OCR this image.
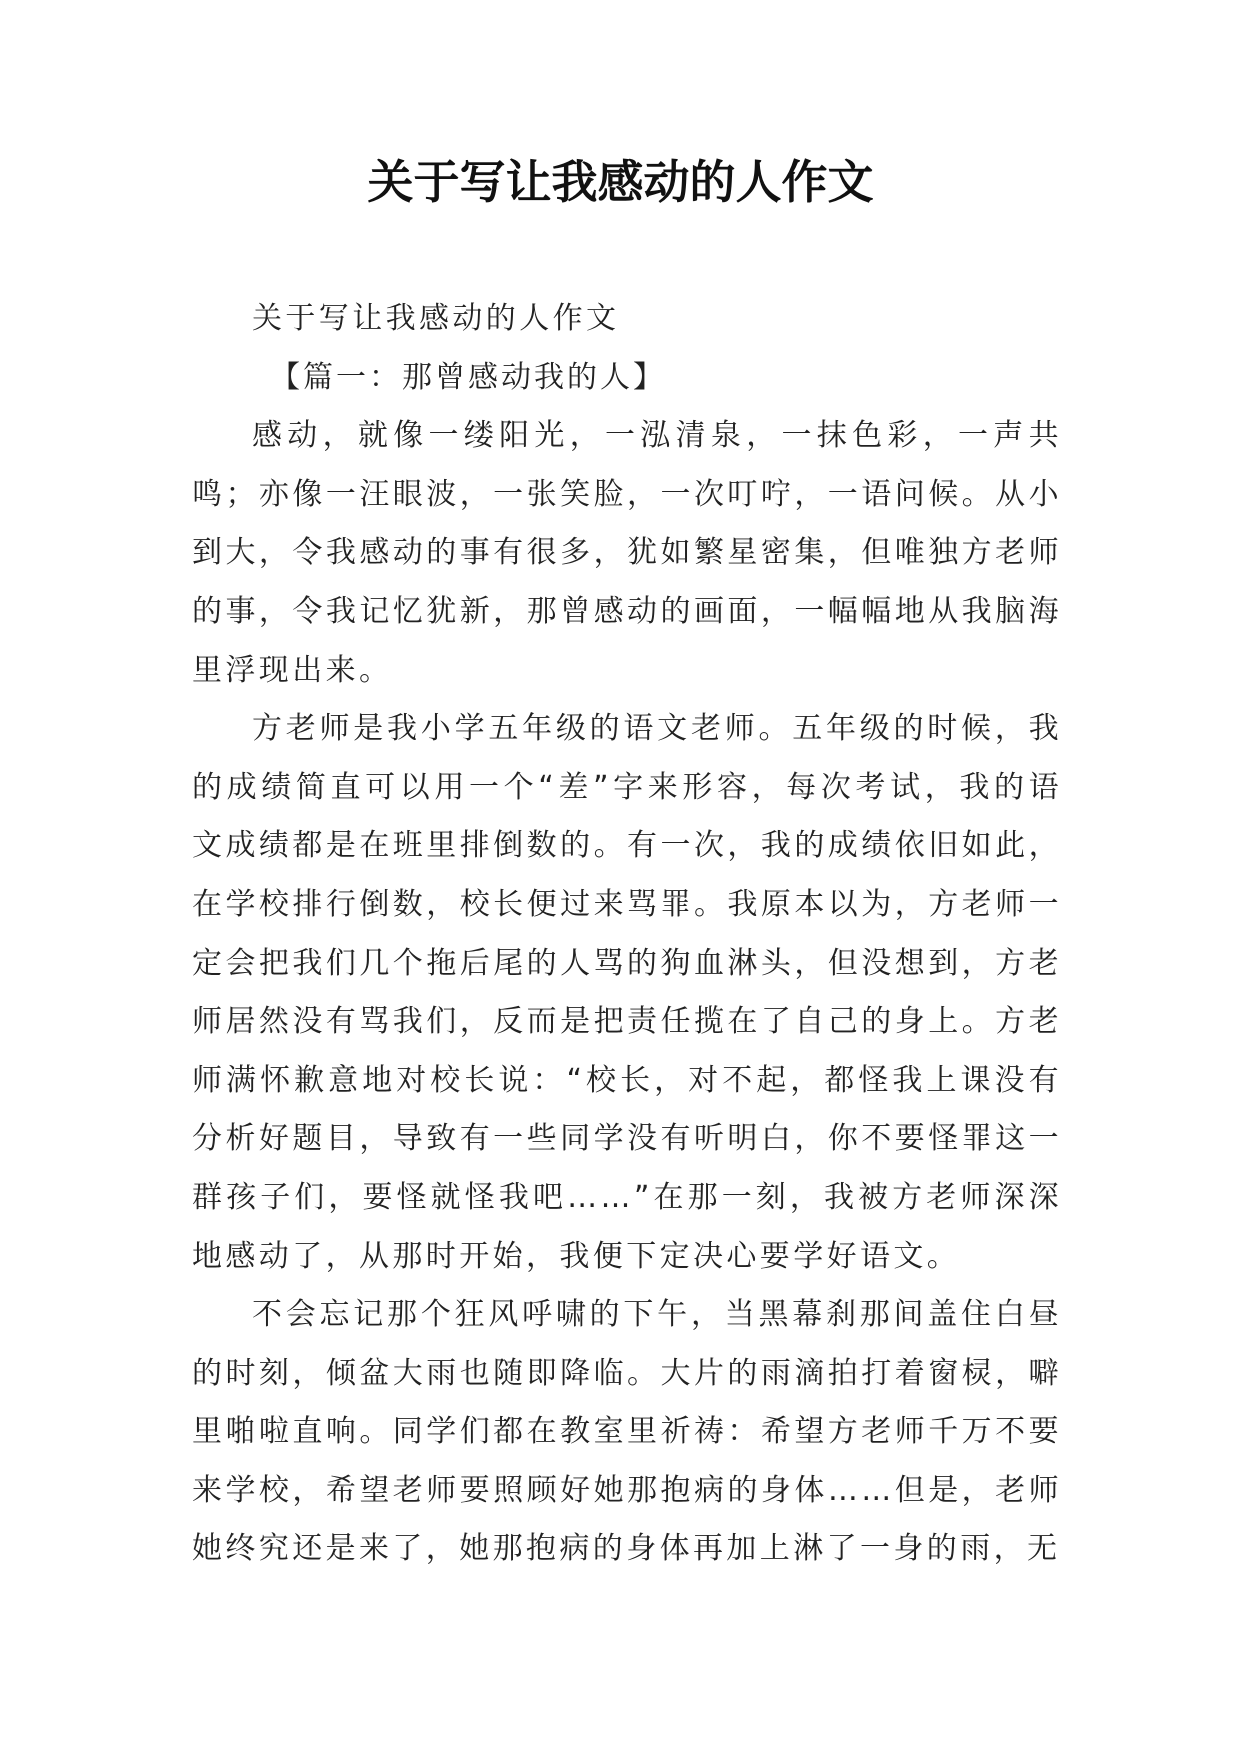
关于写让我感动的人作文

关于写让我感动的人作文

【篇一：那曾感动我的人】

感动，就像一缕阳光，一泓清泉，一抹色彩，一声共鸣；亦像一汪眼波，一张笑脸，一次叮咛，一语问候。从小到大，令我感动的事有很多，犹如繁星密集，但唯独方老师的事，令我记忆犹新，那曾感动的画面，一幅幅地从我脑海里浮现出来。

方老师是我小学五年级的语文老师。五年级的时候，我的成绩简直可以用一个“差”字来形容，每次考试，我的语文成绩都是在班里排倒数的。有一次，我的成绩依旧如此，在学校排行倒数，校长便过来骂罪。我原本以为，方老师一定会把我们几个拖后尾的人骂的狗血淋头，但没想到，方老师居然没有骂我们，反而是把责任揽在了自己的身上。方老师满怀歉意地对校长说：“校长，对不起，都怪我上课没有分析好题目，导致有一些同学没有听明白，你不要怪罪这一群孩子们，要怪就怪我吧……”在那一刻，我被方老师深深地感动了，从那时开始，我便下定决心要学好语文。

不会忘记那个狂风呼啸的下午，当黑幕刹那间盖住白昼的时刻，倾盆大雨也随即降临。大片的雨滴拍打着窗棂，噼里啪啦直响。同学们都在教室里祈祷：希望方老师千万不要来学校，希望老师要照顾好她那抱病的身体……但是，老师她终究还是来了，她那抱病的身体再加上淋了一身的雨，无
